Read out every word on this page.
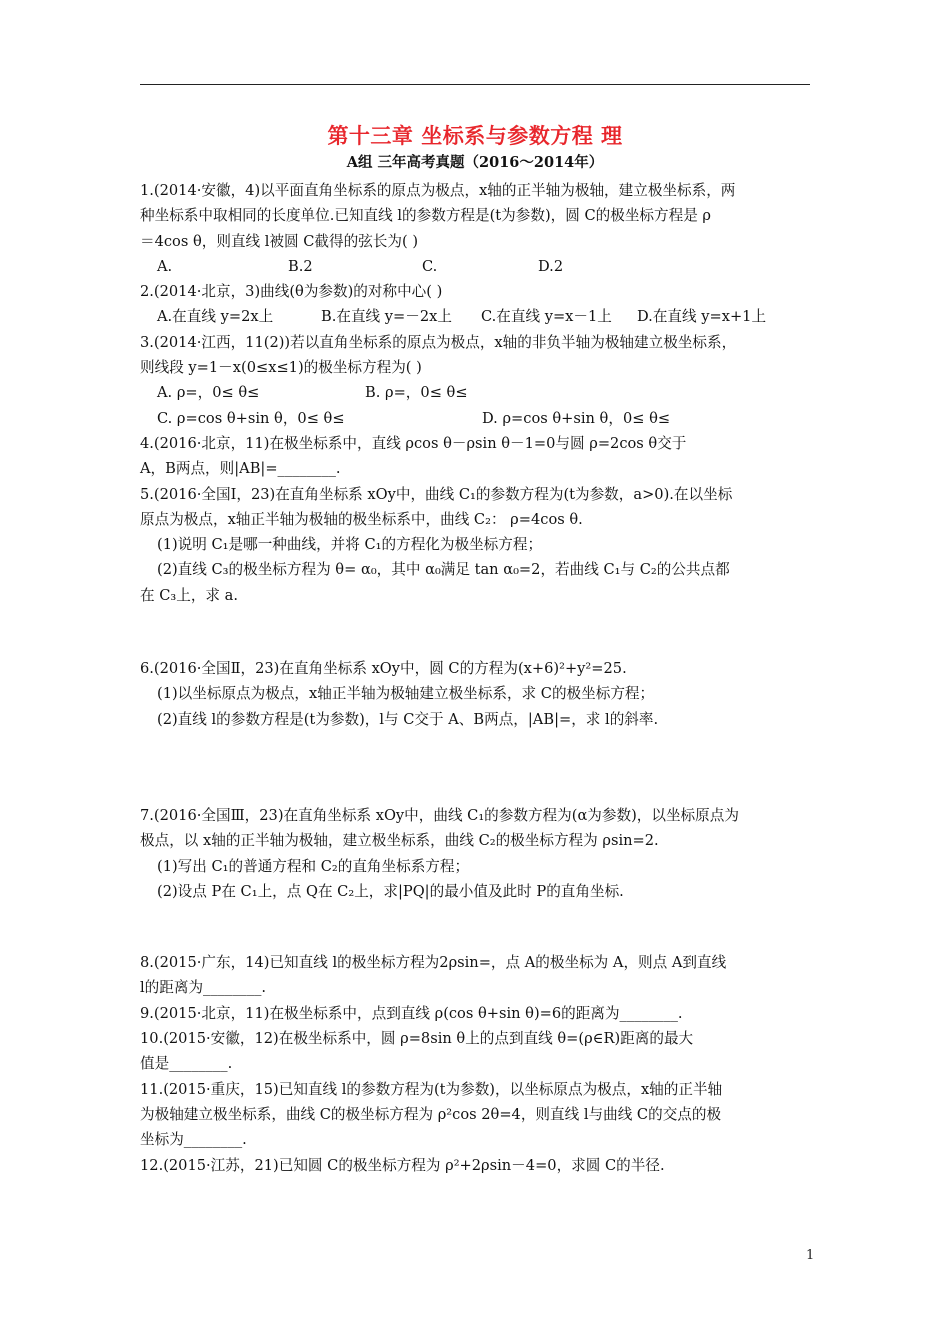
第十三章 坐标系与参数方程 理
A组 三年高考真题（2016～2014年）
1.(2014·安徽，4)以平面直角坐标系的原点为极点，x轴的正半轴为极轴，建立极坐标系，两
种坐标系中取相同的长度单位.已知直线 l的参数方程是(t为参数)，圆 C的极坐标方程是 ρ
＝4cos θ，则直线 l被圆 C截得的弦长为( )
A.	B.2	C.	D.2
2.(2014·北京，3)曲线(θ为参数)的对称中心( )
A.在直线 y=2x上	B.在直线 y=－2x上	C.在直线 y=x－1上	D.在直线 y=x+1上
3.(2014·江西，11(2))若以直角坐标系的原点为极点，x轴的非负半轴为极轴建立极坐标系，
则线段 y=1－x(0≤x≤1)的极坐标方程为( )
A. ρ=，0≤ θ≤	B. ρ=，0≤ θ≤
C. ρ=cos θ+sin θ，0≤ θ≤	D. ρ=cos θ+sin θ，0≤ θ≤
4.(2016·北京，11)在极坐标系中，直线 ρcos θ－ρsin θ－1=0与圆 ρ=2cos θ交于
A，B两点，则|AB|=________.
5.(2016·全国Ⅰ，23)在直角坐标系 xOy中，曲线 C₁的参数方程为(t为参数，a>0).在以坐标
原点为极点，x轴正半轴为极轴的极坐标系中，曲线 C₂： ρ=4cos θ.
(1)说明 C₁是哪一种曲线，并将 C₁的方程化为极坐标方程；
(2)直线 C₃的极坐标方程为 θ= α₀，其中 α₀满足 tan α₀=2，若曲线 C₁与 C₂的公共点都
在 C₃上，求 a.
6.(2016·全国Ⅱ，23)在直角坐标系 xOy中，圆 C的方程为(x+6)²+y²=25.
(1)以坐标原点为极点，x轴正半轴为极轴建立极坐标系，求 C的极坐标方程；
(2)直线 l的参数方程是(t为参数)，l与 C交于 A、B两点，|AB|=，求 l的斜率.
7.(2016·全国Ⅲ，23)在直角坐标系 xOy中，曲线 C₁的参数方程为(α为参数)，以坐标原点为
极点，以 x轴的正半轴为极轴，建立极坐标系，曲线 C₂的极坐标方程为 ρsin=2.
(1)写出 C₁的普通方程和 C₂的直角坐标系方程；
(2)设点 P在 C₁上，点 Q在 C₂上，求|PQ|的最小值及此时 P的直角坐标.
8.(2015·广东，14)已知直线 l的极坐标方程为2ρsin=，点 A的极坐标为 A，则点 A到直线
l的距离为________.
9.(2015·北京，11)在极坐标系中，点到直线 ρ(cos θ+sin θ)=6的距离为________.
10.(2015·安徽，12)在极坐标系中，圆 ρ=8sin θ上的点到直线 θ=(ρ∈R)距离的最大
值是________.
11.(2015·重庆，15)已知直线 l的参数方程为(t为参数)，以坐标原点为极点，x轴的正半轴
为极轴建立极坐标系，曲线 C的极坐标方程为 ρ²cos 2θ=4，则直线 l与曲线 C的交点的极
坐标为________.
12.(2015·江苏，21)已知圆 C的极坐标方程为 ρ²+2ρsin－4=0，求圆 C的半径.
1
